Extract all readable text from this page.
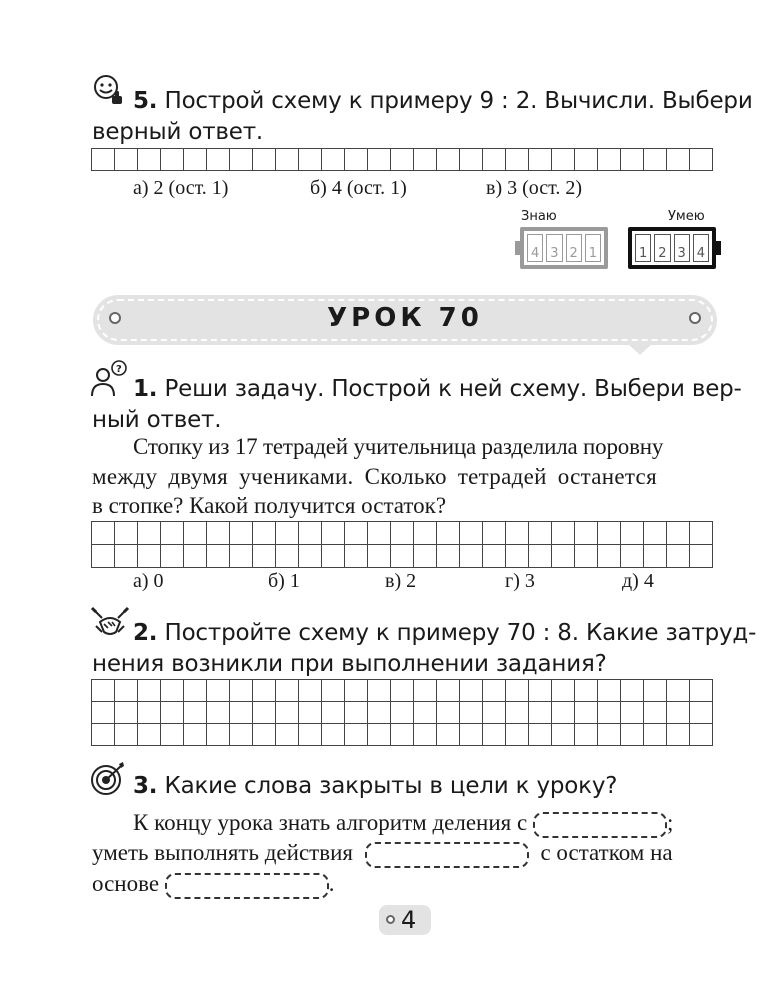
5. Построй схему к примеру 9 : 2. Вычисли. Выбери
верный ответ.
а) 2 (ост. 1)	б) 4 (ост. 1)	в) 3 (ост. 2)
Знаю
4 3 2 1
Умею
1 2 3 4
УРОК 70
?
1. Реши задачу. Построй к ней схему. Выбери вер-
ный ответ.
Стопку из 17 тетрадей учительница разделила поровну
между двумя учениками. Сколько тетрадей останется
в стопке? Какой получится остаток?
а) 0	б) 1	в) 2	г) 3	д) 4
2. Постройте схему к примеру 70 : 8. Какие затруд-
нения возникли при выполнении задания?
3. Какие слова закрыты в цели к уроку?
К концу урока знать алгоритм деления с	;
уметь выполнять действия	с остатком на
основе	.
4
